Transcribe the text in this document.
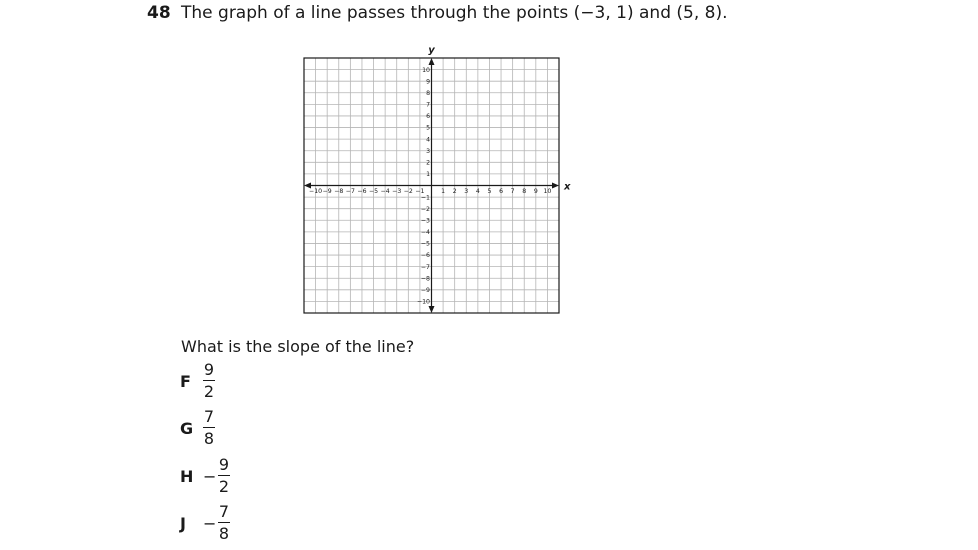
48 The graph of a line passes through the points (−3, 1) and (5, 8).
x
y
−10 −9 −8 −7 −6 −5 −4 −3 −2 −1	1 2 3 4 5 6 7 8 9 10
10
9
8
7
6
5
4
3
2
1
−1
−2
−3
−4
−5
−6
−7
−8
−9
−10
What is the slope of the line?
F
9
2
G
7
8
H −
9
2
J −
7
8
